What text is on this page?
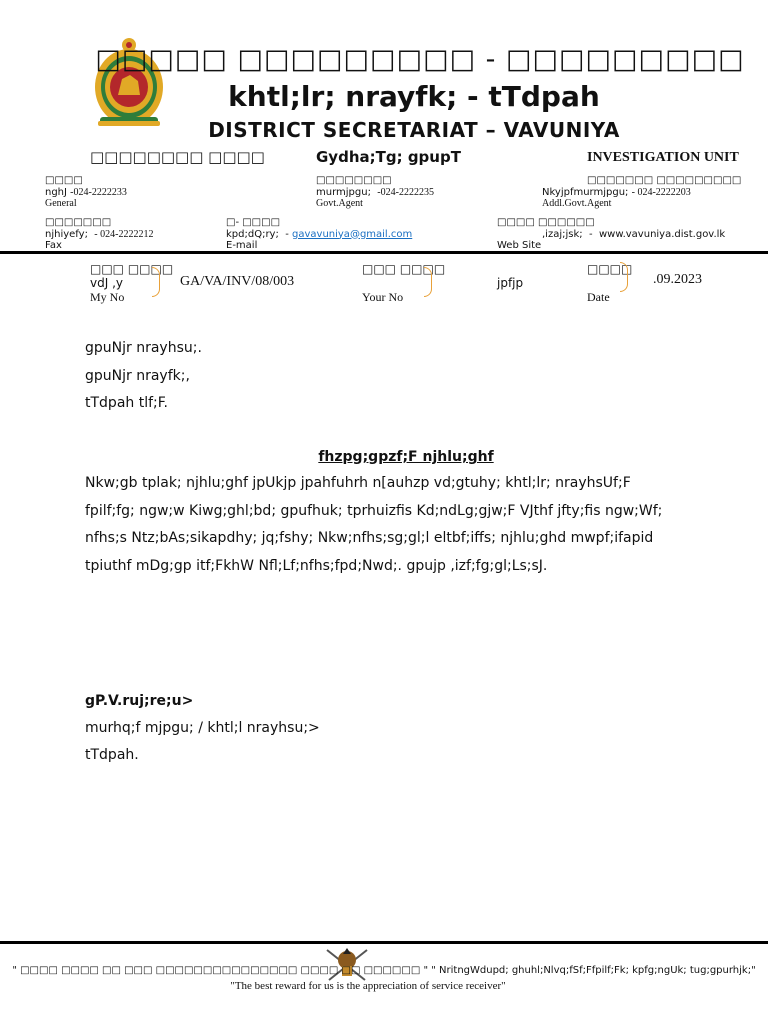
□□□□□ □□□□□□□□□ - □□□□□□□□□
khtl;lr; nrayfk; - tTdpah
DISTRICT SECRETARIAT – VAVUNIYA
□□□□□□□□ □□□□	Gydha;Tg; gpupT	INVESTIGATION UNIT
□□□□
nghJ -024-2222233
General
□□□□□□□□
murmjpgu; -024-2222235
Govt.Agent
□□□□□□□ □□□□□□□□□
Nkyjpfmurmjpgu; - 024-2222203
Addl.Govt.Agent
□□□□□□□
njhiyefy; - 024-2222212
Fax
□- □□□□
kpd;dQ;ry; - gavavuniya@gmail.com
E-mail
□□□□ □□□□□□
,izaj;jsk; - www.vavuniya.dist.gov.lk
Web Site
□□□ □□□□
vdJ ,y
My No
GA/VA/INV/08/003
□□□ □□□□
Your No
jpfjp
□□□□
Date
.09.2023
gpuNjr nrayhsu;.
gpuNjr nrayfk;,
tTdpah tlf;F.
fhzpg;gpzf;F njhlu;ghf
Nkw;gb tplak; njhlu;ghf jpUkjp jpahfuhrh n[auhzp vd;gtuhy; khtl;lr; nrayhsUf;F
fpilf;fg; ngw;w Kiwg;ghl;bd; gpufhuk; tprhuizfis Kd;ndLg;gjw;F VJthf jfty;fis ngw;Wf;
nfhs;s Ntz;bAs;sikapdhy; jq;fshy; Nkw;nfhs;sg;gl;l eltbf;iffs; njhlu;ghd mwpf;ifapid
tpiuthf mDg;gp itf;FkhW Nfl;Lf;nfhs;fpd;Nwd;. gpujp ,izf;fg;gl;Ls;sJ.
gP.V.ruj;re;u>
murhq;f mjpgu; / khtl;l nrayhsu;>
tTdpah.
" □□□□ □□□□ □□ □□□ □□□□□□□□□□□□□□□ □□□□ □□ □□□□□□ " " NritngWdupd; ghuhl;Nlvq;fSf;Ffpilf;Fk; kpfg;ngUk; tug;gpurhjk;"
"The best reward for us is the appreciation of service receiver"
